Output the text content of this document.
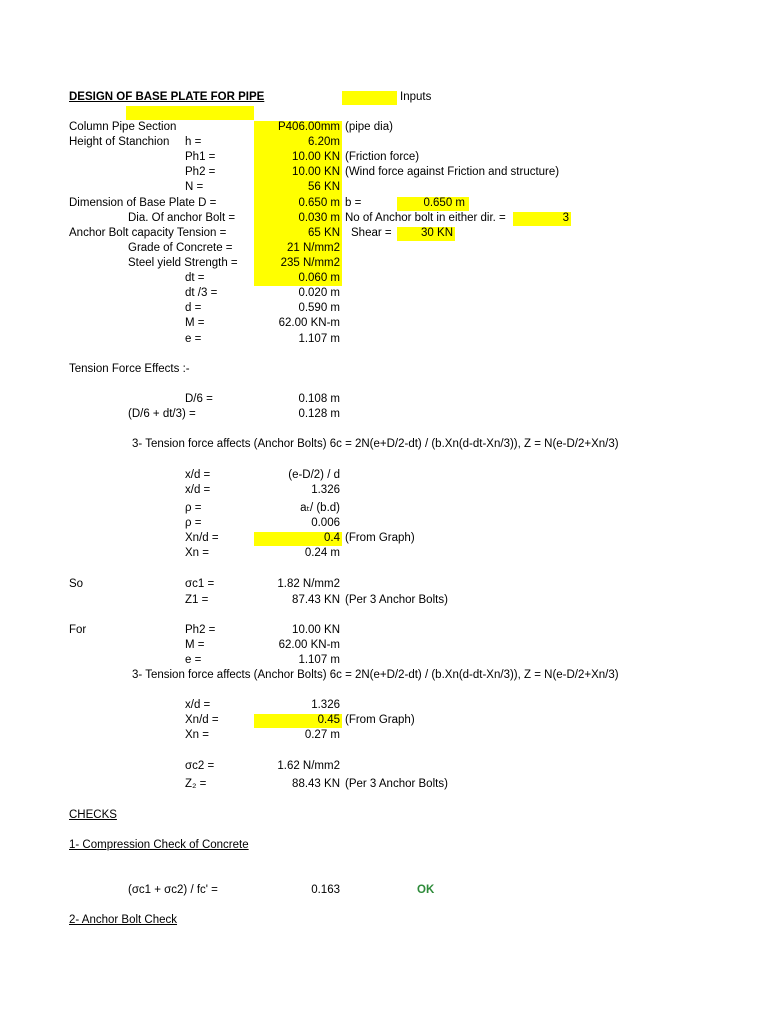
DESIGN OF BASE PLATE FOR PIPE	Inputs
Column Pipe Section	P406.00mm (pipe dia)
Height of Stanchion h =	6.20m
Ph1 =	10.00 KN (Friction force)
Ph2 =	10.00 KN (Wind force against Friction and structure)
N =	56 KN
Dimension of Base Plate D =	0.650 m b =	0.650 m
Dia. Of anchor Bolt =	0.030 m No of Anchor bolt in either dir. =	3
Anchor Bolt capacity Tension =	65 KN Shear =	30 KN
Grade of Concrete =	21 N/mm2
Steel yield Strength =	235 N/mm2
dt =	0.060 m
dt /3 =	0.020 m
d =	0.590 m
M =	62.00 KN-m
e =	1.107 m
Tension Force Effects :-
D/6 =	0.108 m
(D/6 + dt/3) =	0.128 m
3- Tension force affects (Anchor Bolts) 6c = 2N(e+D/2-dt) / (b.Xn(d-dt-Xn/3)), Z = N(e-D/2+Xn/3)
x/d =	(e-D/2) / d
x/d =	1.326
ρ =	aₜ/ (b.d)
ρ =	0.006
Xn/d =	0.4 (From Graph)
Xn =	0.24 m
So	σc1 =	1.82 N/mm2
Z1 =	87.43 KN (Per 3 Anchor Bolts)
For	Ph2 =	10.00 KN
M =	62.00 KN-m
e =	1.107 m
3- Tension force affects (Anchor Bolts) 6c = 2N(e+D/2-dt) / (b.Xn(d-dt-Xn/3)), Z = N(e-D/2+Xn/3)
x/d =	1.326
Xn/d =	0.45 (From Graph)
Xn =	0.27 m
σc2 =	1.62 N/mm2
Z₂ =	88.43 KN (Per 3 Anchor Bolts)
CHECKS
1- Compression Check of Concrete
(σc1 + σc2) / fc' =	0.163	OK
2- Anchor Bolt Check
